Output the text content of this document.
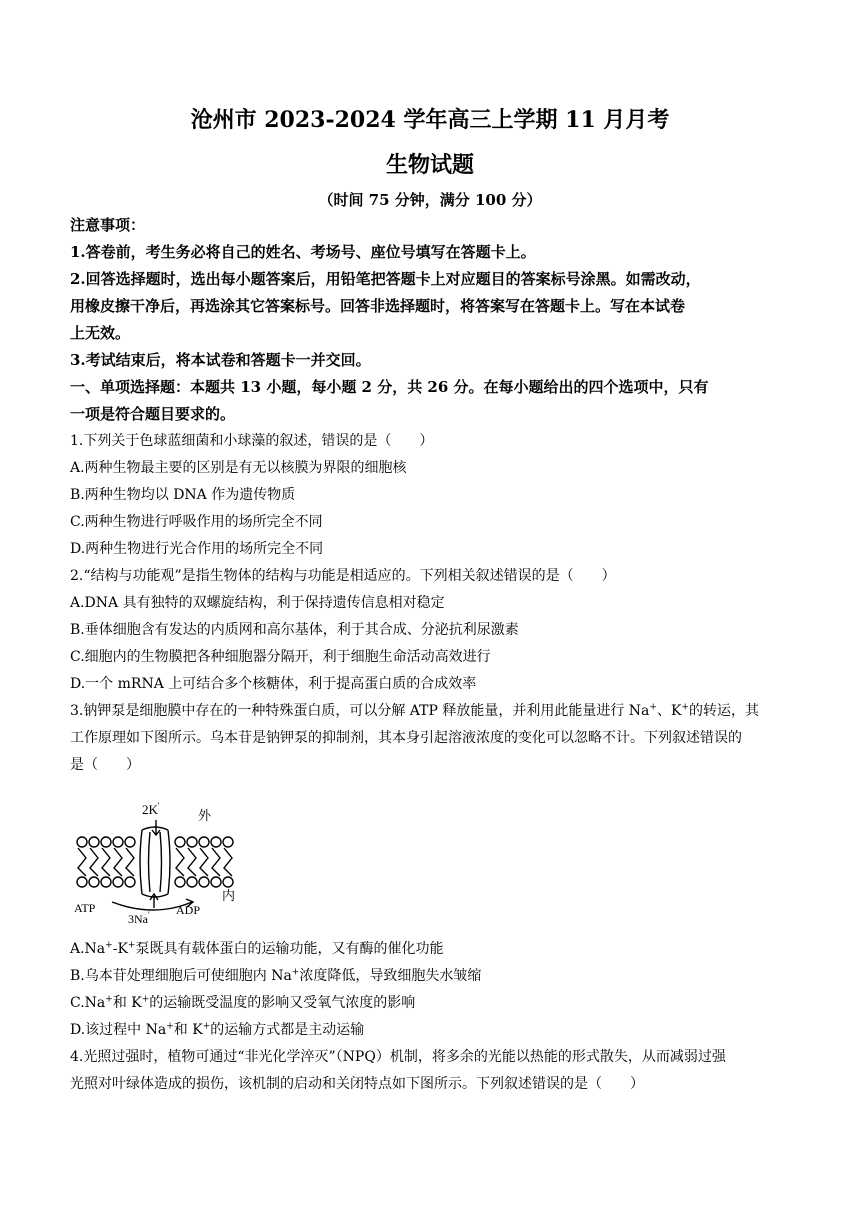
沧州市 2023-2024 学年高三上学期 11 月月考
生物试题
（时间 75 分钟，满分 100 分）
注意事项：
1.答卷前，考生务必将自己的姓名、考场号、座位号填写在答题卡上。
2.回答选择题时，选出每小题答案后，用铅笔把答题卡上对应题目的答案标号涂黑。如需改动，
用橡皮擦干净后，再选涂其它答案标号。回答非选择题时，将答案写在答题卡上。写在本试卷
上无效。
3.考试结束后，将本试卷和答题卡一并交回。
一、单项选择题：本题共 13 小题，每小题 2 分，共 26 分。在每小题给出的四个选项中，只有
一项是符合题目要求的。
1.下列关于色球蓝细菌和小球藻的叙述，错误的是（　　）
A.两种生物最主要的区别是有无以核膜为界限的细胞核
B.两种生物均以 DNA 作为遗传物质
C.两种生物进行呼吸作用的场所完全不同
D.两种生物进行光合作用的场所完全不同
2.“结构与功能观”是指生物体的结构与功能是相适应的。下列相关叙述错误的是（　　）
A.DNA 具有独特的双螺旋结构，利于保持遗传信息相对稳定
B.垂体细胞含有发达的内质网和高尔基体，利于其合成、分泌抗利尿激素
C.细胞内的生物膜把各种细胞器分隔开，利于细胞生命活动高效进行
D.一个 mRNA 上可结合多个核糖体，利于提高蛋白质的合成效率
3.钠钾泵是细胞膜中存在的一种特殊蛋白质，可以分解 ATP 释放能量，并利用此能量进行 Na+、K+的转运，其
工作原理如下图所示。乌本苷是钠钾泵的抑制剂，其本身引起溶液浓度的变化可以忽略不计。下列叙述错误的
是（　　）
2K'
外
内
ATP	ADP
3Na'
A.Na+-K+泵既具有载体蛋白的运输功能，又有酶的催化功能
B.乌本苷处理细胞后可使细胞内 Na+浓度降低，导致细胞失水皱缩
C.Na+和 K+的运输既受温度的影响又受氧气浓度的影响
D.该过程中 Na+和 K+的运输方式都是主动运输
4.光照过强时，植物可通过“非光化学淬灭”（NPQ）机制，将多余的光能以热能的形式散失，从而减弱过强
光照对叶绿体造成的损伤，该机制的启动和关闭特点如下图所示。下列叙述错误的是（　　）
